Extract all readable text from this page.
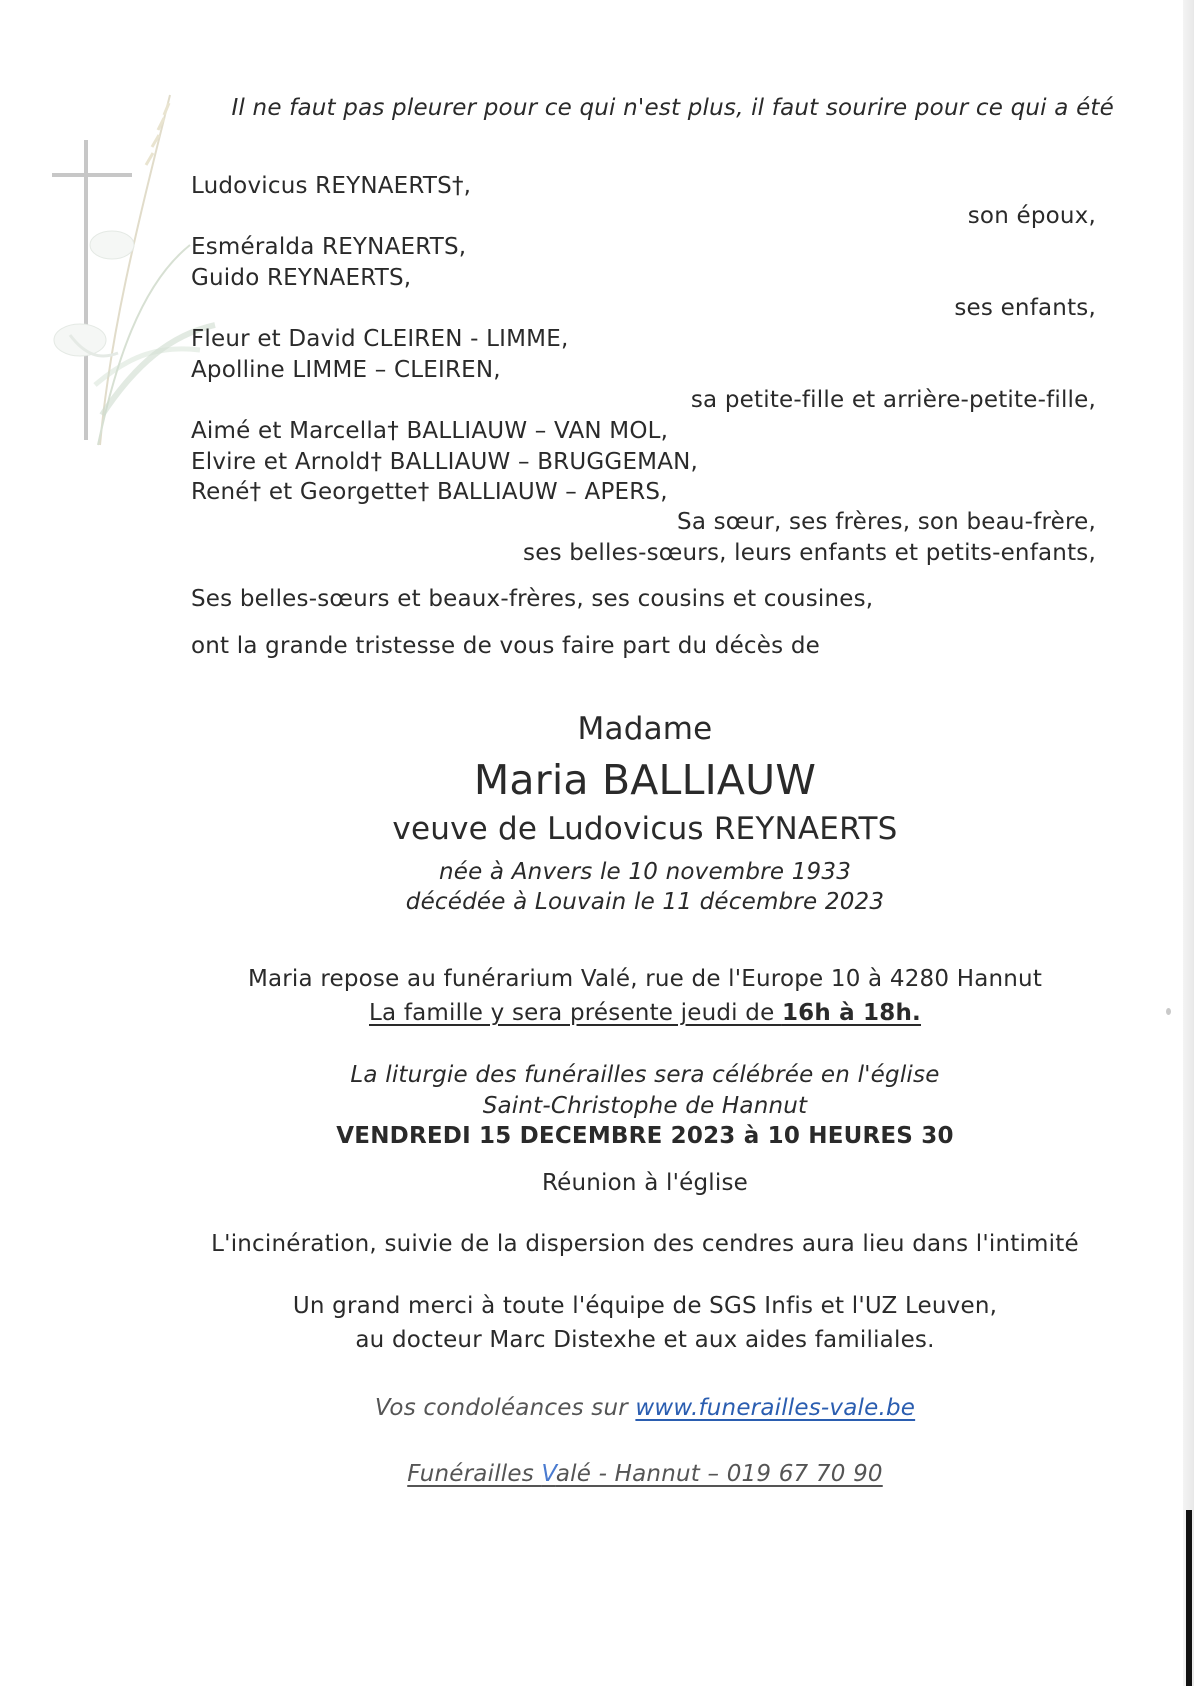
Il ne faut pas pleurer pour ce qui n'est plus, il faut sourire pour ce qui a été
Ludovicus REYNAERTS†,
son époux,
Esméralda REYNAERTS,
Guido REYNAERTS,
ses enfants,
Fleur et David CLEIREN - LIMME,
Apolline LIMME – CLEIREN,
sa petite-fille et arrière-petite-fille,
Aimé et Marcella† BALLIAUW – VAN MOL,
Elvire et Arnold† BALLIAUW – BRUGGEMAN,
René† et Georgette† BALLIAUW – APERS,
Sa sœur, ses frères, son beau-frère,
ses belles-sœurs, leurs enfants et petits-enfants,
Ses belles-sœurs et beaux-frères, ses cousins et cousines,
ont la grande tristesse de vous faire part du décès de
Madame
Maria BALLIAUW
veuve de Ludovicus REYNAERTS
née à Anvers le 10 novembre 1933
décédée à Louvain le 11 décembre 2023
Maria repose au funérarium Valé, rue de l'Europe 10 à 4280 Hannut
La famille y sera présente jeudi de 16h à 18h.
La liturgie des funérailles sera célébrée en l'église
Saint-Christophe de Hannut
VENDREDI 15 DECEMBRE 2023 à 10 HEURES 30
Réunion à l'église
L'incinération, suivie de la dispersion des cendres aura lieu dans l'intimité
Un grand merci à toute l'équipe de SGS Infis et l'UZ Leuven,
au docteur Marc Distexhe et aux aides familiales.
Vos condoléances sur www.funerailles-vale.be
Funérailles Valé - Hannut – 019 67 70 90
